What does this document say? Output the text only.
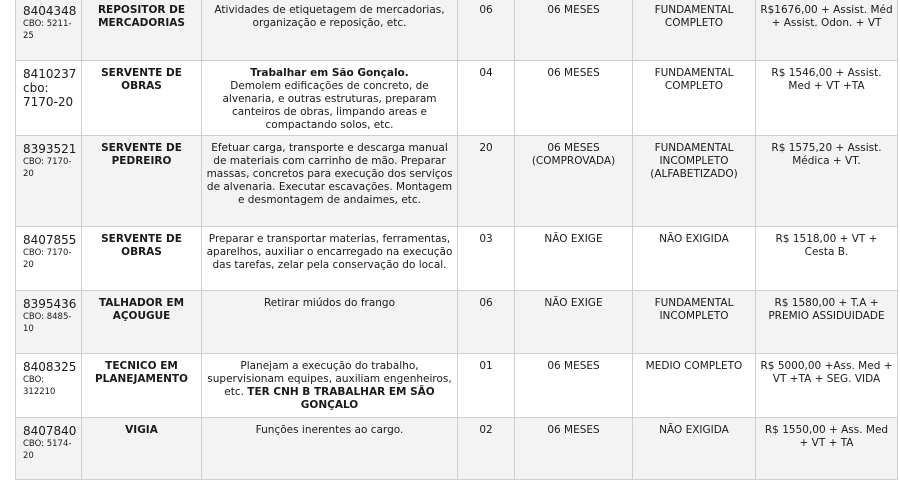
8404348
CBO: 5211-25	REPOSITOR DE MERCADORIAS	Atividades de etiquetagem de mercadorias, organização e reposição, etc.	06	06 MESES	FUNDAMENTAL COMPLETO	R$1676,00 + Assist. Méd + Assist. Odon. + VT

8410237
cbo: 7170-20	SERVENTE DE OBRAS	Trabalhar em São Gonçalo.
Demolem edificações de concreto, de alvenaria, e outras estruturas, preparam canteiros de obras, limpando areas e compactando solos, etc.	04	06 MESES	FUNDAMENTAL COMPLETO	R$ 1546,00 + Assist. Med + VT +TA

8393521
CBO: 7170-20	SERVENTE DE PEDREIRO	Efetuar carga, transporte e descarga manual de materiais com carrinho de mão. Preparar massas, concretos para execução dos serviços de alvenaria. Executar escavações. Montagem e desmontagem de andaimes, etc.	20	06 MESES (COMPROVADA)	FUNDAMENTAL INCOMPLETO (ALFABETIZADO)	R$ 1575,20 + Assist. Médica + VT.

8407855
CBO: 7170-20	SERVENTE DE OBRAS	Preparar e transportar materias, ferramentas, aparelhos, auxiliar o encarregado na execução das tarefas, zelar pela conservação do local.	03	NÃO EXIGE	NÃO EXIGIDA	R$ 1518,00 + VT + Cesta B.

8395436
CBO: 8485-10	TALHADOR EM AÇOUGUE	Retirar miúdos do frango	06	NÃO EXIGE	FUNDAMENTAL INCOMPLETO	R$ 1580,00 + T.A + PREMIO ASSIDUIDADE

8408325
CBO: 312210	TECNICO EM PLANEJAMENTO	Planejam a execução do trabalho, supervisionam equipes, auxiliam engenheiros, etc. TER CNH B TRABALHAR EM SÃO GONÇALO	01	06 MESES	MEDIO COMPLETO	R$ 5000,00 +Ass. Med + VT +TA + SEG. VIDA

8407840
CBO: 5174-20	VIGIA	Funções inerentes ao cargo.	02	06 MESES	NÃO EXIGIDA	R$ 1550,00 + Ass. Med + VT + TA
